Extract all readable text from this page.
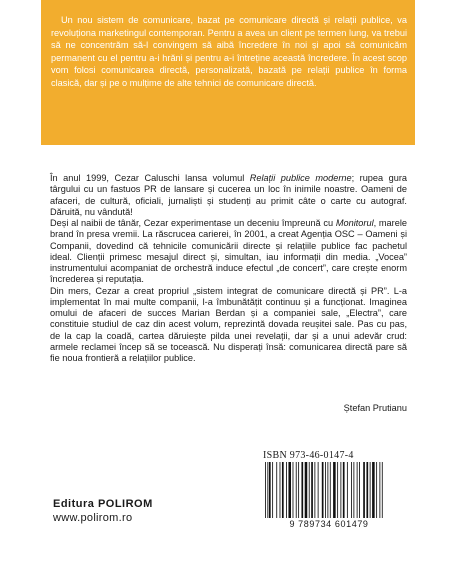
Un nou sistem de comunicare, bazat pe comunicare directă și relații publice, va revoluționa marketingul contemporan. Pentru a avea un client pe termen lung, va trebui să ne concentrăm să-l convingem să aibă încredere în noi și apoi să comunicăm permanent cu el pentru a-i hrăni și pentru a-i întreține această încredere. În acest scop vom folosi comunicarea directă, personalizată, bazată pe relații publice în forma clasică, dar și pe o mulțime de alte tehnici de comunicare directă.

În anul 1999, Cezar Caluschi lansa volumul Relații publice moderne; rupea gura târgului cu un fastuos PR de lansare și cucerea un loc în inimile noastre. Oameni de afaceri, de cultură, oficiali, jurnaliști și studenți au primit câte o carte cu autograf. Dăruită, nu vândută!

Deși al naibii de tânăr, Cezar experimentase un deceniu împreună cu Monitorul, marele brand în presa vremii. La răscrucea carierei, în 2001, a creat Agenția OSC – Oameni și Companii, dovedind că tehnicile comunicării directe și relațiile publice fac pachetul ideal. Clienții primesc mesajul direct și, simultan, iau informații din media. „Vocea” instrumentului acompaniat de orchestră induce efectul „de concert”, care crește enorm încrederea și reputația.

Din mers, Cezar a creat propriul „sistem integrat de comunicare directă și PR”. L-a implementat în mai multe companii, l-a îmbunătățit continuu și a funcționat. Imaginea omului de afaceri de succes Marian Berdan și a companiei sale, „Electra”, care constituie studiul de caz din acest volum, reprezintă dovada reușitei sale. Pas cu pas, de la cap la coadă, cartea dăruiește pilda unei revelații, dar și a unui adevăr crud: armele reclamei încep să se tocească. Nu disperați însă: comunicarea directă pare să fie noua frontieră a relațiilor publice.

Ștefan Prutianu
ISBN 973-46-0147-4
9 789734 601479
Editura POLIROM
www.polirom.ro
